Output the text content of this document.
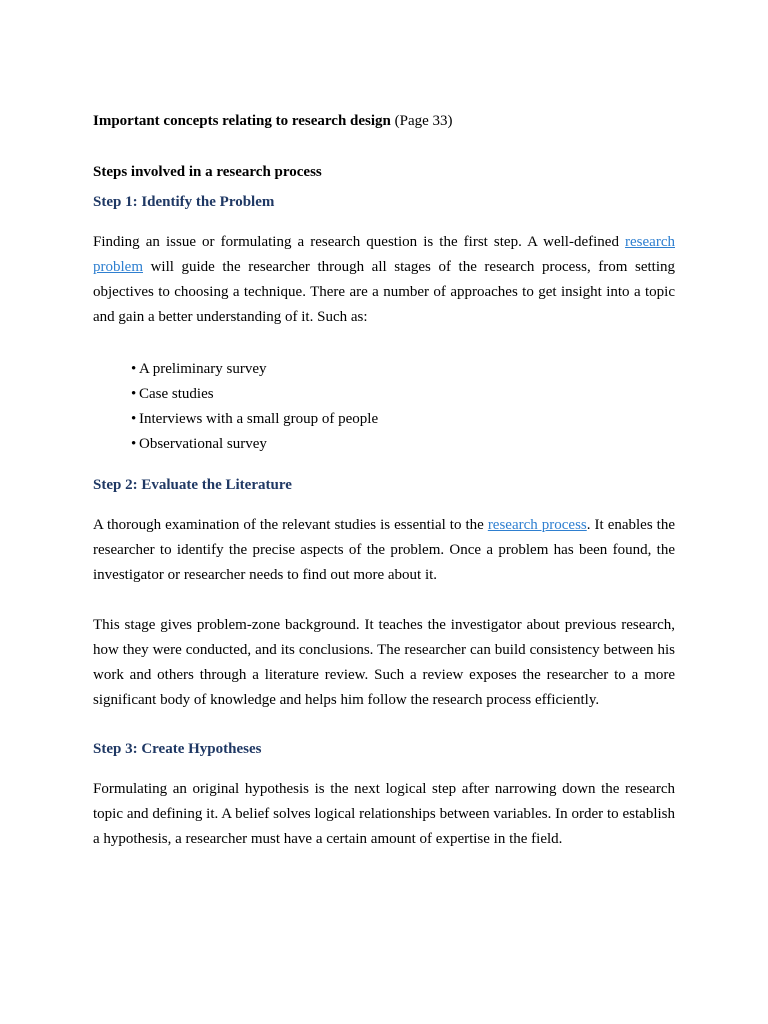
Important concepts relating to research design (Page 33)

Steps involved in a research process

Step 1: Identify the Problem

Finding an issue or formulating a research question is the first step. A well-defined research problem will guide the researcher through all stages of the research process, from setting objectives to choosing a technique. There are a number of approaches to get insight into a topic and gain a better understanding of it. Such as:

• A preliminary survey
• Case studies
• Interviews with a small group of people
• Observational survey

Step 2: Evaluate the Literature

A thorough examination of the relevant studies is essential to the research process. It enables the researcher to identify the precise aspects of the problem. Once a problem has been found, the investigator or researcher needs to find out more about it.

This stage gives problem-zone background. It teaches the investigator about previous research, how they were conducted, and its conclusions. The researcher can build consistency between his work and others through a literature review. Such a review exposes the researcher to a more significant body of knowledge and helps him follow the research process efficiently.

Step 3: Create Hypotheses

Formulating an original hypothesis is the next logical step after narrowing down the research topic and defining it. A belief solves logical relationships between variables. In order to establish a hypothesis, a researcher must have a certain amount of expertise in the field.
